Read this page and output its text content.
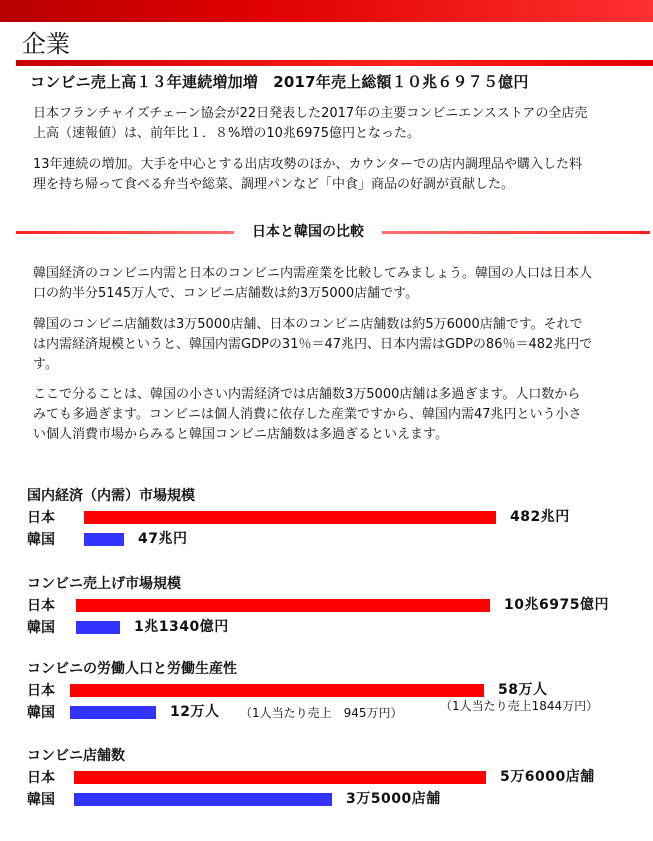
企業
コンビニ売上高１３年連続増加増　2017年売上総額１０兆６９７５億円

日本フランチャイズチェーン協会が22日発表した2017年の主要コンビニエンスストアの全店売上高（速報値）は、前年比１．８%増の10兆6975億円となった。

13年連続の増加。大手を中心とする出店攻勢のほか、カウンターでの店内調理品や購入した料理を持ち帰って食べる弁当や総菜、調理パンなど「中食」商品の好調が貢献した。

日本と韓国の比較

韓国経済のコンビニ内需と日本のコンビニ内需産業を比較してみましょう。韓国の人口は日本人口の約半分5145万人で、コンビニ店舗数は約3万5000店舗です。

韓国のコンビニ店舗数は3万5000店舗、日本のコンビニ店舗数は約5万6000店舗です。それでは内需経済規模というと、韓国内需GDPの31％＝47兆円、日本内需はGDPの86％＝482兆円です。

ここで分ることは、韓国の小さい内需経済では店舗数3万5000店舗は多過ぎます。人口数からみても多過ぎます。コンビニは個人消費に依存した産業ですから、韓国内需47兆円という小さい個人消費市場からみると韓国コンビニ店舗数は多過ぎるといえます。

国内経済（内需）市場規模
日本	482兆円
韓国	47兆円
コンビニ売上げ市場規模
日本	10兆6975億円
韓国	1兆1340億円
コンビニの労働人口と労働生産性
日本	58万人
（1人当たり売上1844万円）
韓国	12万人 （1人当たり売上　945万円）
コンビニ店舗数
日本	5万6000店舗
韓国	3万5000店舗
